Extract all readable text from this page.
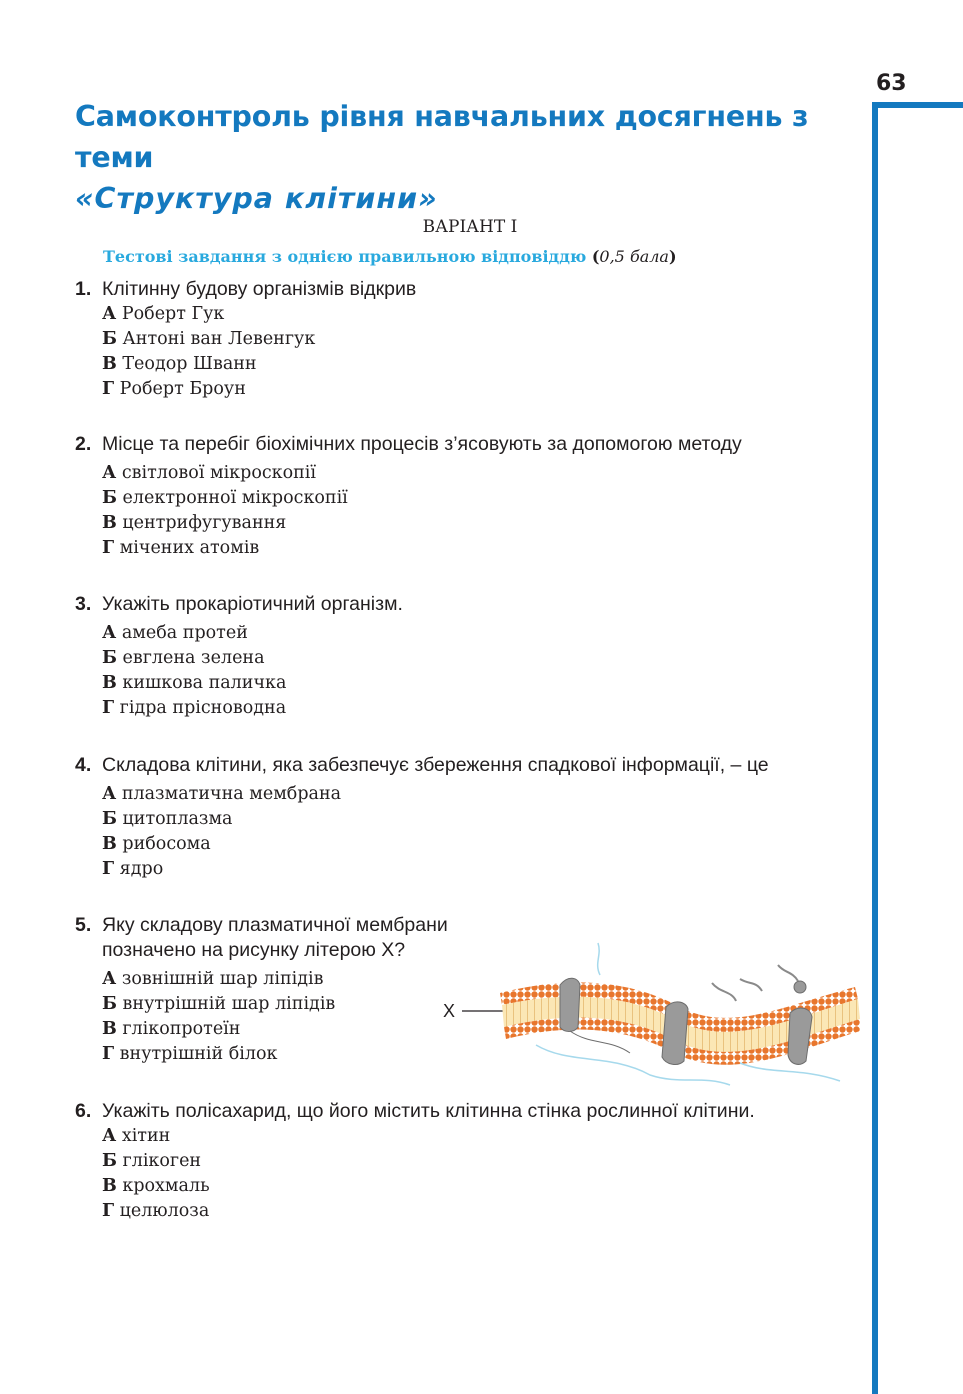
63
Самоконтроль рівня навчальних досягнень з теми
«Структура клітини»
ВАРІАНТ І
Тестові завдання з однією правильною відповіддю (0,5 бала)
1. Клітинну будову організмів відкрив
А Роберт Гук
Б Антоні ван Левенгук
В Теодор Шванн
Г Роберт Броун
2. Місце та перебіг біохімічних процесів з’ясовують за допомогою методу
А світлової мікроскопії
Б електронної мікроскопії
В центрифугування
Г мічених атомів
3. Укажіть прокаріотичний організм.
А амеба протей
Б евглена зелена
В кишкова паличка
Г гідра прісноводна
4. Складова клітини, яка забезпечує збереження спадкової інформації, – це
А плазматична мембрана
Б цитоплазма
В рибосома
Г ядро
5. Яку складову плазматичної мембрани
позначено на рисунку літерою Х?
А зовнішній шар ліпідів
Б внутрішній шар ліпідів
В глікопротеїн
Г внутрішній білок
Х
6. Укажіть полісахарид, що його містить клітинна стінка рослинної клітини.
А хітин
Б глікоген
В крохмаль
Г целюлоза
